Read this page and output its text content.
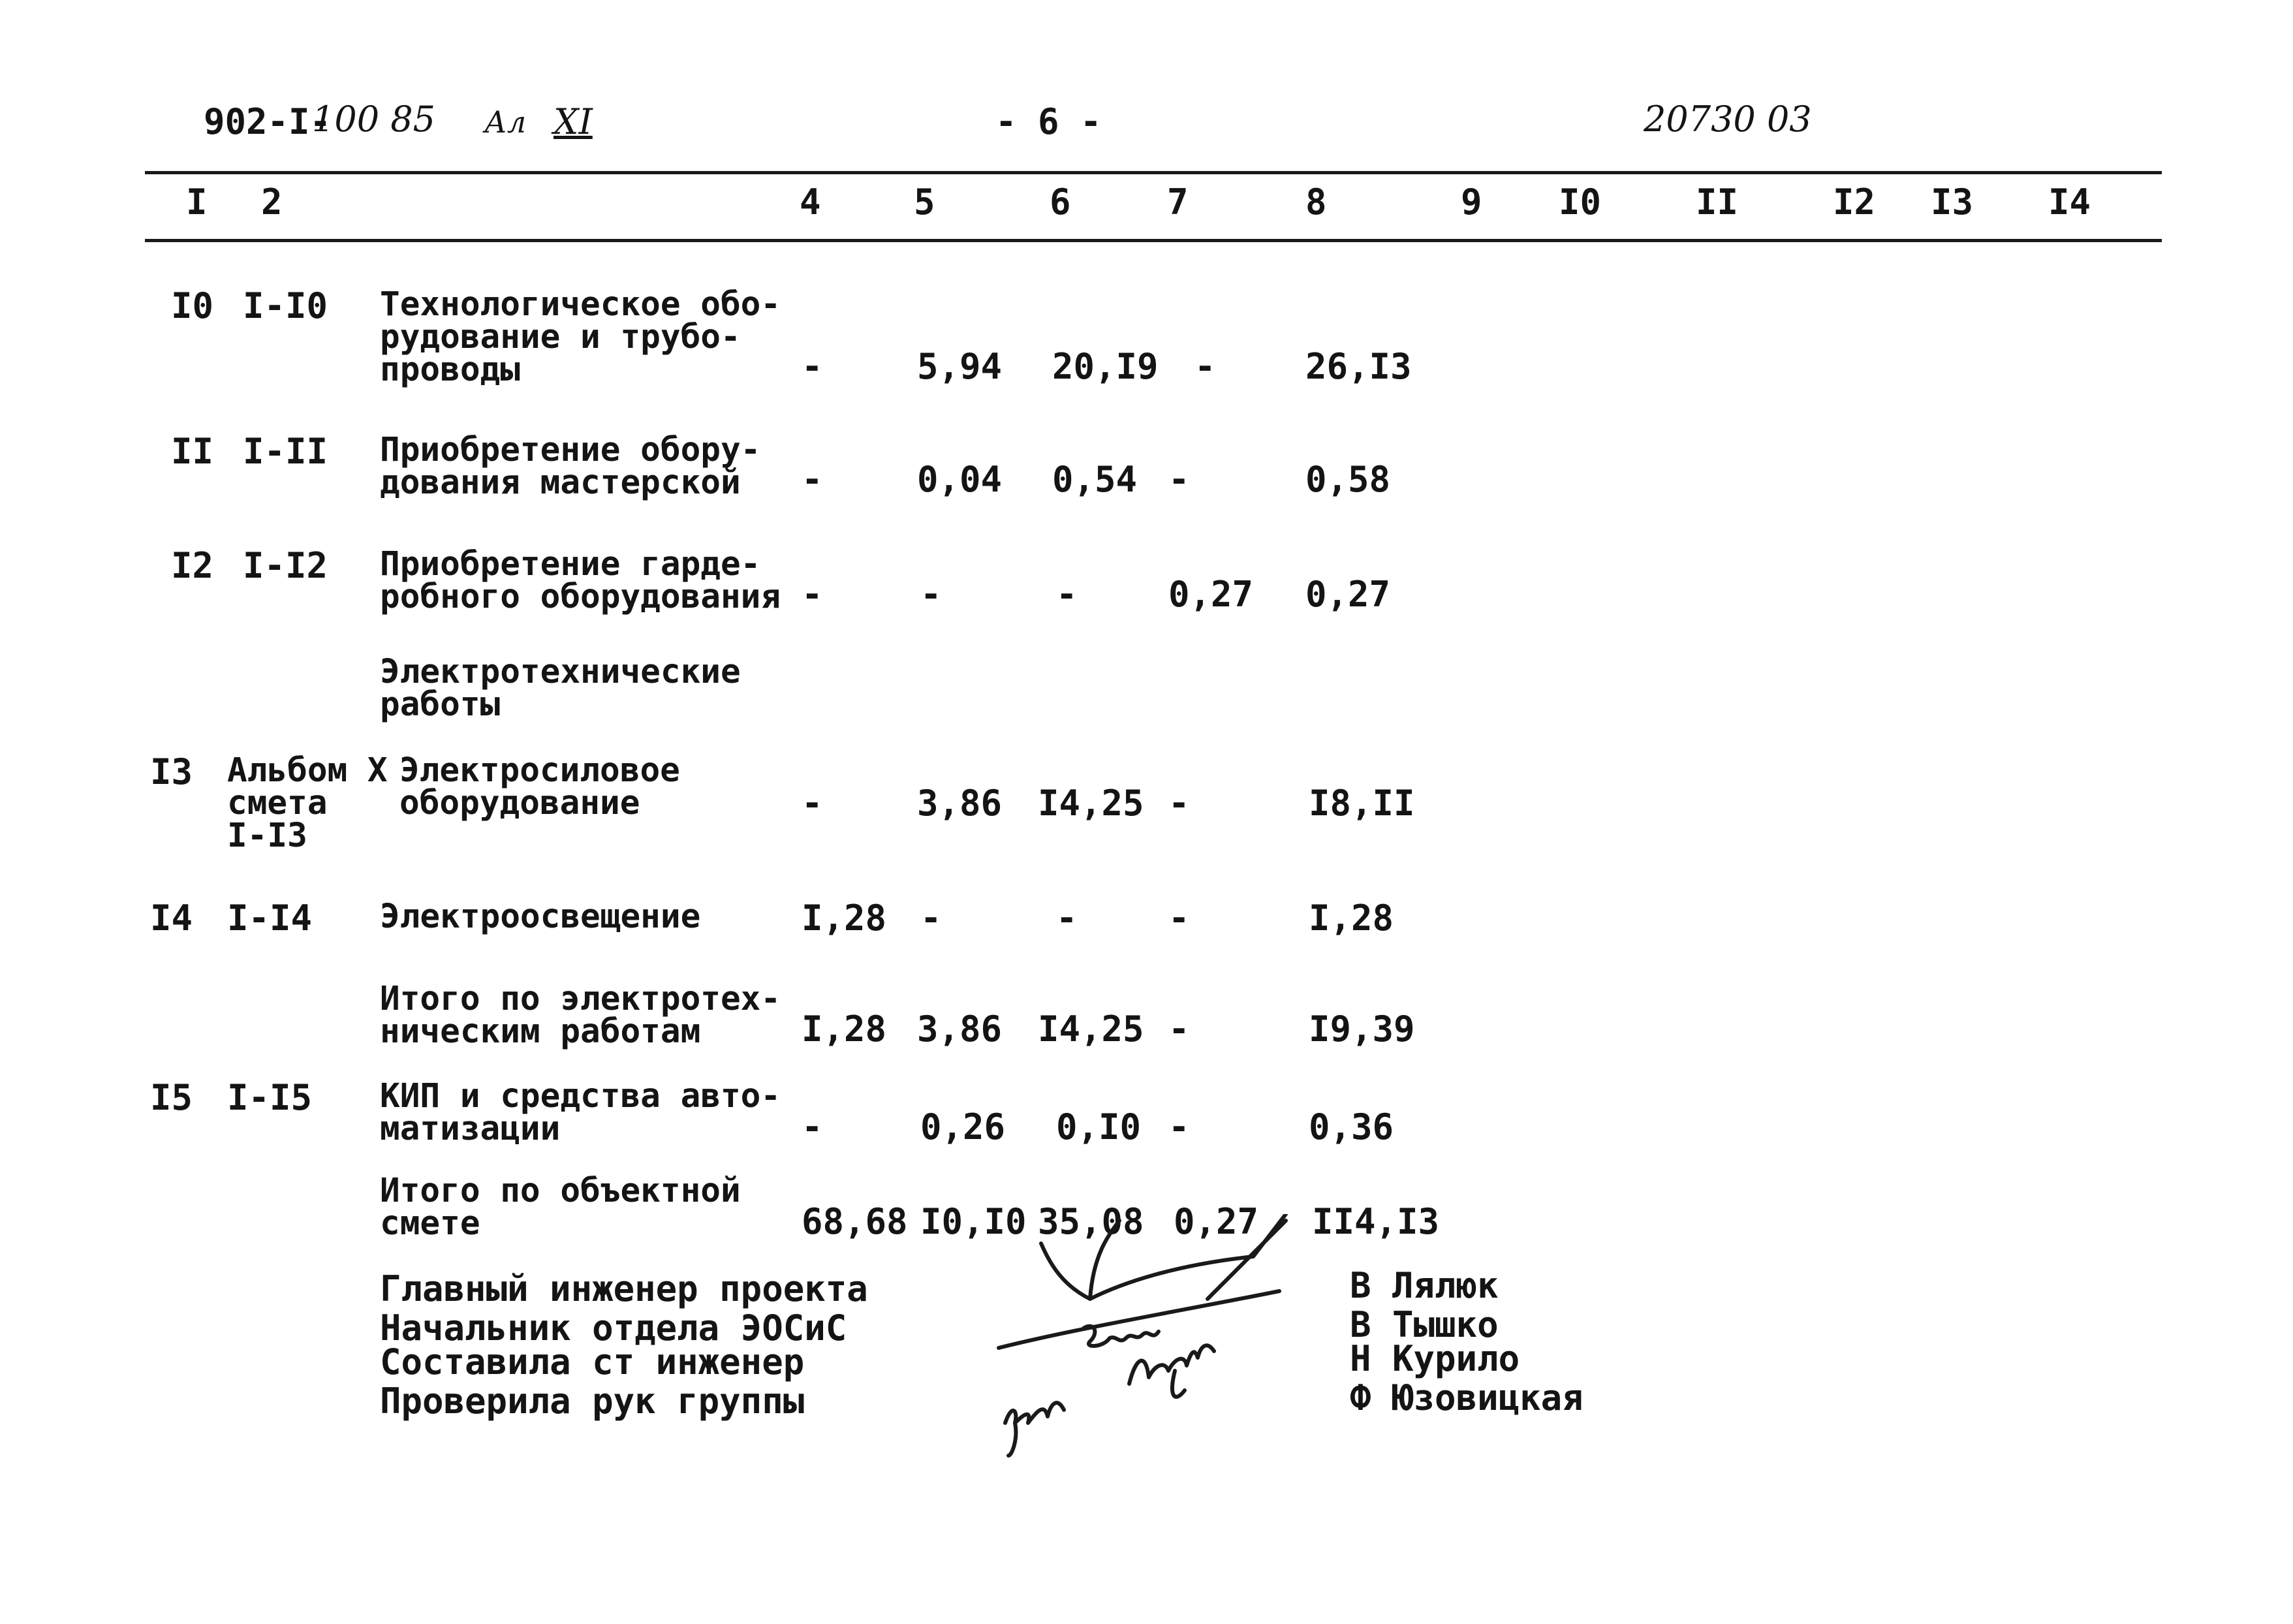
902-I-
100 85 Ал XI	- 6 -	20730 03
I 2	4	5	6	7	8	9 I0	II	I2 I3 I4
I0 I-I0 Технологическое обо-
рудование и трубо-
проводы	-	5,94 20,I9 -	26,I3
II I-II Приобретение обору-
дования мастерской	-	0,04 0,54 -	0,58
I2 I-I2 Приобретение гарде-
робного оборудования -	-	-	0,27 0,27
Электротехнические
работы
I3 Альбом X
смета
I-I3
Электросиловое
oборудование	-	3,86 I4,25 -	I8,II
I4 I-I4 Электроосвещение	I,28 -	-	-	I,28
Итого по электротех-
ническим работам	I,28 3,86 I4,25 -	I9,39
I5 I-I5 КИП и средства авто-
матизации	-	0,26 0,I0 -	0,36
Итого по объектной
смете	68,68 I0,I0 35,08 0,27 II4,I3
Главный инженер проекта
Начальник отдела ЭОСиС
Составила ст инженер
Проверила рук группы
В Лялюк
В Тышко
Н Курило
Ф Юзовицкая
